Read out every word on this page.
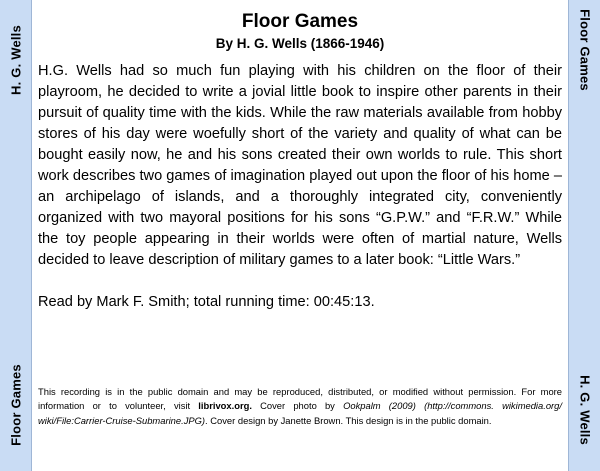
H. G. Wells
Floor Games
Floor Games
By H. G. Wells (1866-1946)
H.G. Wells had so much fun playing with his children on the floor of their playroom, he decided to write a jovial little book to inspire other parents in their pursuit of quality time with the kids. While the raw materials available from hobby stores of his day were woefully short of the variety and quality of what can be bought easily now, he and his sons created their own worlds to rule. This short work describes two games of imagination played out upon the floor of his home – an archipelago of islands, and a thoroughly integrated city, conveniently organized with two mayoral positions for his sons “G.P.W.” and “F.R.W.” While the toy people appearing in their worlds were often of martial nature, Wells decided to leave description of military games to a later book: “Little Wars.”
Read by Mark F. Smith; total running time: 00:45:13.
This recording is in the public domain and may be reproduced, distributed, or modified without permission. For more information or to volunteer, visit librivox.org. Cover photo by Ookpalm (2009) (http://commons. wikimedia.org/ wiki/File:Carrier-Cruise-Submarine.JPG). Cover design by Janette Brown. This design is in the public domain.
Floor Games
H. G. Wells
